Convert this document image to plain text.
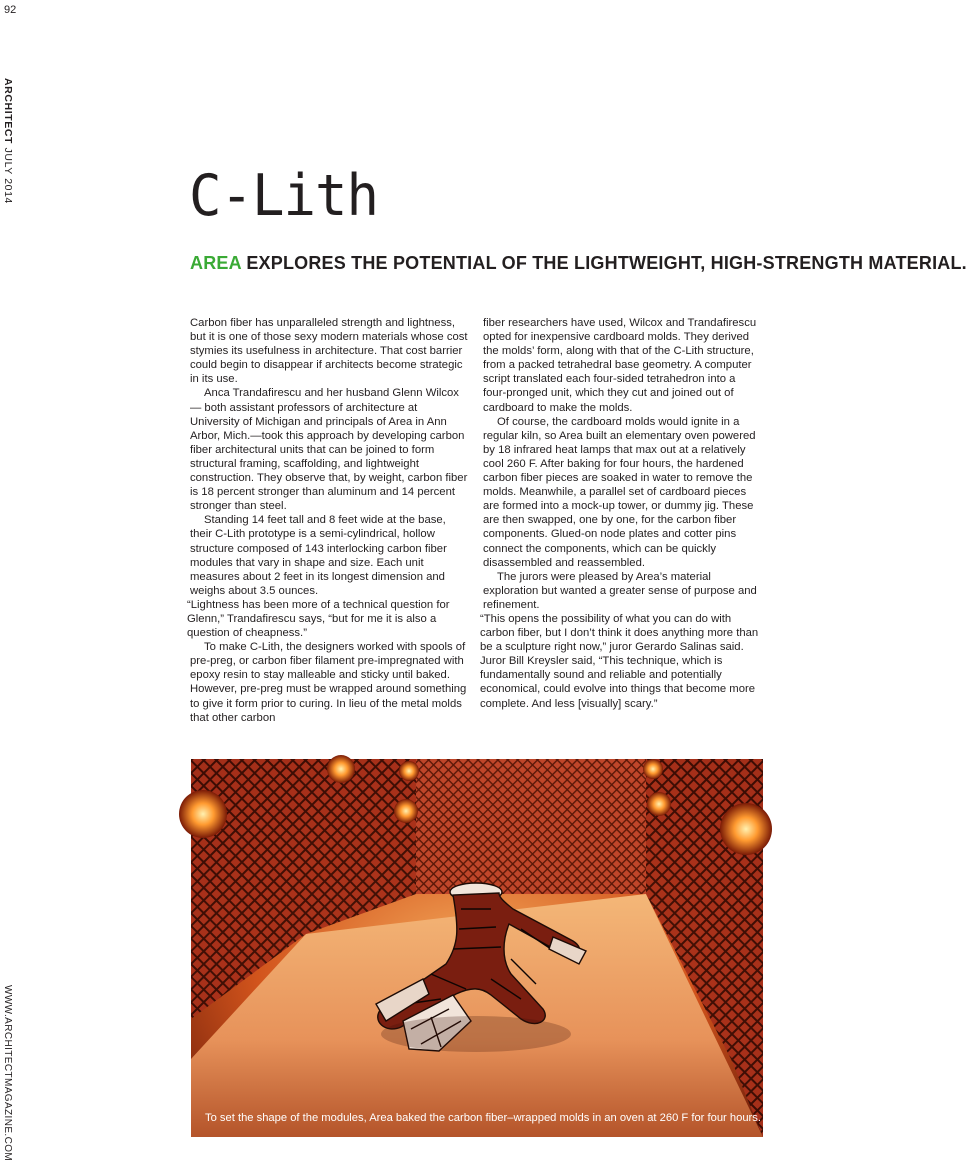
92
ARCHITECT JULY 2014
WWW.ARCHITECTMAGAZINE.COM
C-Lith
AREA EXPLORES THE POTENTIAL OF THE LIGHTWEIGHT, HIGH-STRENGTH MATERIAL.

Carbon fiber has unparalleled strength and lightness, but it is one of those sexy modern materials whose cost stymies its usefulness in architecture. That cost barrier could begin to disappear if architects become strategic in its use.

Anca Trandafirescu and her husband Glenn Wilcox— both assistant professors of architecture at University of Michigan and principals of Area in Ann Arbor, Mich.—took this approach by developing carbon fiber architectural units that can be joined to form structural framing, scaffolding, and lightweight construction. They observe that, by weight, carbon fiber is 18 percent stronger than aluminum and 14 percent stronger than steel.

Standing 14 feet tall and 8 feet wide at the base, their C-Lith prototype is a semi-cylindrical, hollow structure composed of 143 interlocking carbon fiber modules that vary in shape and size. Each unit measures about 2 feet in its longest dimension and weighs about 3.5 ounces.

“Lightness has been more of a technical question for Glenn,” Trandafirescu says, “but for me it is also a question of cheapness.”

To make C-Lith, the designers worked with spools of pre-preg, or carbon fiber filament pre-impregnated with epoxy resin to stay malleable and sticky until baked. However, pre-preg must be wrapped around something to give it form prior to curing. In lieu of the metal molds that other carbon

fiber researchers have used, Wilcox and Trandafirescu opted for inexpensive cardboard molds. They derived the molds’ form, along with that of the C-Lith structure, from a packed tetrahedral base geometry. A computer script translated each four-sided tetrahedron into a four-pronged unit, which they cut and joined out of cardboard to make the molds.

Of course, the cardboard molds would ignite in a regular kiln, so Area built an elementary oven powered by 18 infrared heat lamps that max out at a relatively cool 260 F. After baking for four hours, the hardened carbon fiber pieces are soaked in water to remove the molds. Meanwhile, a parallel set of cardboard pieces are formed into a mock-up tower, or dummy jig. These are then swapped, one by one, for the carbon fiber components. Glued-on node plates and cotter pins connect the components, which can be quickly disassembled and reassembled.

The jurors were pleased by Area’s material exploration but wanted a greater sense of purpose and refinement.

“This opens the possibility of what you can do with carbon fiber, but I don’t think it does anything more than be a sculpture right now,” juror Gerardo Salinas said. Juror Bill Kreysler said, “This technique, which is fundamentally sound and reliable and potentially economical, could evolve into things that become more complete. And less [visually] scary.”

To set the shape of the modules, Area baked the carbon fiber–wrapped molds in an oven at 260 F for four hours.
